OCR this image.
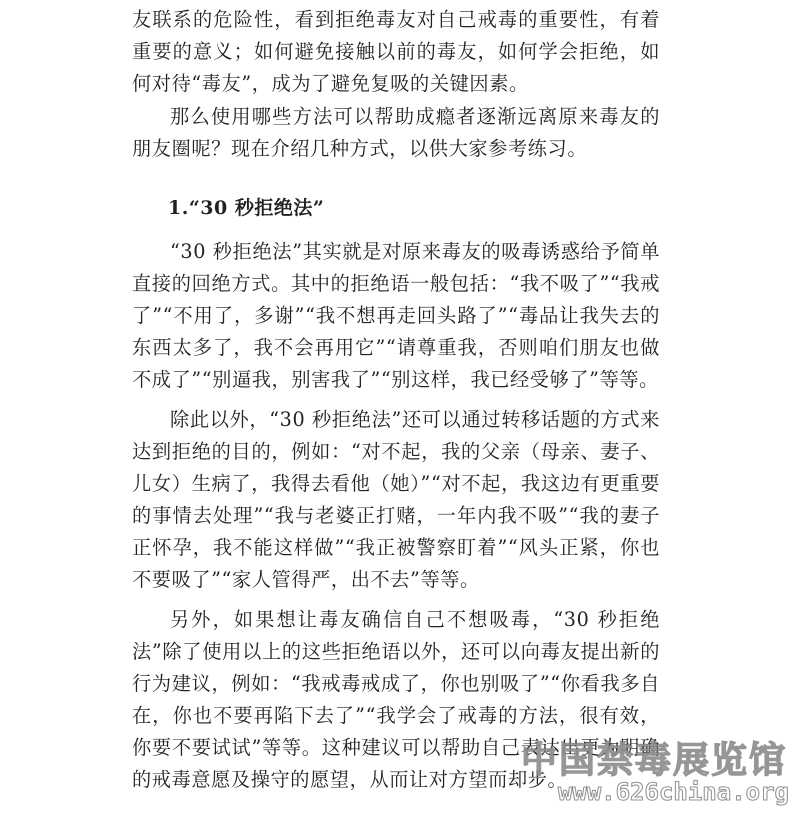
友联系的危险性，看到拒绝毒友对自己戒毒的重要性，有着重要的意义；如何避免接触以前的毒友，如何学会拒绝，如何对待“毒友”，成为了避免复吸的关键因素。

那么使用哪些方法可以帮助成瘾者逐渐远离原来毒友的朋友圈呢？现在介绍几种方式，以供大家参考练习。

1.“30 秒拒绝法”

“30 秒拒绝法”其实就是对原来毒友的吸毒诱惑给予简单直接的回绝方式。其中的拒绝语一般包括：“我不吸了”“我戒了”“不用了，多谢”“我不想再走回头路了”“毒品让我失去的东西太多了，我不会再用它”“请尊重我，否则咱们朋友也做不成了”“别逼我，别害我了”“别这样，我已经受够了”等等。

除此以外，“30 秒拒绝法”还可以通过转移话题的方式来达到拒绝的目的，例如：“对不起，我的父亲（母亲、妻子、儿女）生病了，我得去看他（她）”“对不起，我这边有更重要的事情去处理”“我与老婆正打赌，一年内我不吸”“我的妻子正怀孕，我不能这样做”“我正被警察盯着”“风头正紧，你也不要吸了”“家人管得严，出不去”等等。

另外，如果想让毒友确信自己不想吸毒，“30 秒拒绝法”除了使用以上的这些拒绝语以外，还可以向毒友提出新的行为建议，例如：“我戒毒戒成了，你也别吸了”“你看我多自在，你也不要再陷下去了”“我学会了戒毒的方法，很有效，你要不要试试”等等。这种建议可以帮助自己表达出更为明确的戒毒意愿及操守的愿望，从而让对方望而却步。

中国禁毒展览馆
www.626china.org
